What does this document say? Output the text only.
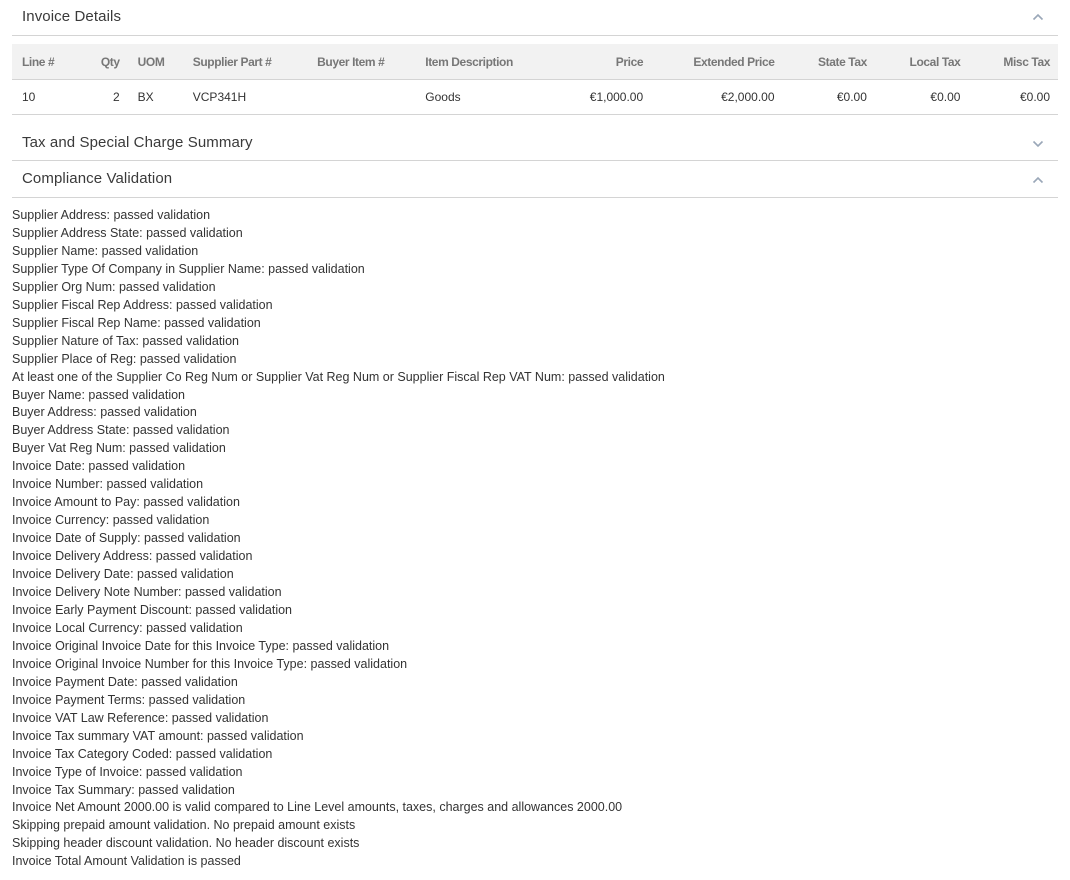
Invoice Details
Line #	Qty	UOM	Supplier Part #	Buyer Item #	Item Description	Price	Extended Price	State Tax	Local Tax	Misc Tax
10	2	BX	VCP341H		Goods	€1,000.00	€2,000.00	€0.00	€0.00	€0.00
Tax and Special Charge Summary
Compliance Validation
Supplier Address: passed validation
Supplier Address State: passed validation
Supplier Name: passed validation
Supplier Type Of Company in Supplier Name: passed validation
Supplier Org Num: passed validation
Supplier Fiscal Rep Address: passed validation
Supplier Fiscal Rep Name: passed validation
Supplier Nature of Tax: passed validation
Supplier Place of Reg: passed validation
At least one of the Supplier Co Reg Num or Supplier Vat Reg Num or Supplier Fiscal Rep VAT Num: passed validation
Buyer Name: passed validation
Buyer Address: passed validation
Buyer Address State: passed validation
Buyer Vat Reg Num: passed validation
Invoice Date: passed validation
Invoice Number: passed validation
Invoice Amount to Pay: passed validation
Invoice Currency: passed validation
Invoice Date of Supply: passed validation
Invoice Delivery Address: passed validation
Invoice Delivery Date: passed validation
Invoice Delivery Note Number: passed validation
Invoice Early Payment Discount: passed validation
Invoice Local Currency: passed validation
Invoice Original Invoice Date for this Invoice Type: passed validation
Invoice Original Invoice Number for this Invoice Type: passed validation
Invoice Payment Date: passed validation
Invoice Payment Terms: passed validation
Invoice VAT Law Reference: passed validation
Invoice Tax summary VAT amount: passed validation
Invoice Tax Category Coded: passed validation
Invoice Type of Invoice: passed validation
Invoice Tax Summary: passed validation
Invoice Net Amount 2000.00 is valid compared to Line Level amounts, taxes, charges and allowances 2000.00
Skipping prepaid amount validation. No prepaid amount exists
Skipping header discount validation. No header discount exists
Invoice Total Amount Validation is passed
